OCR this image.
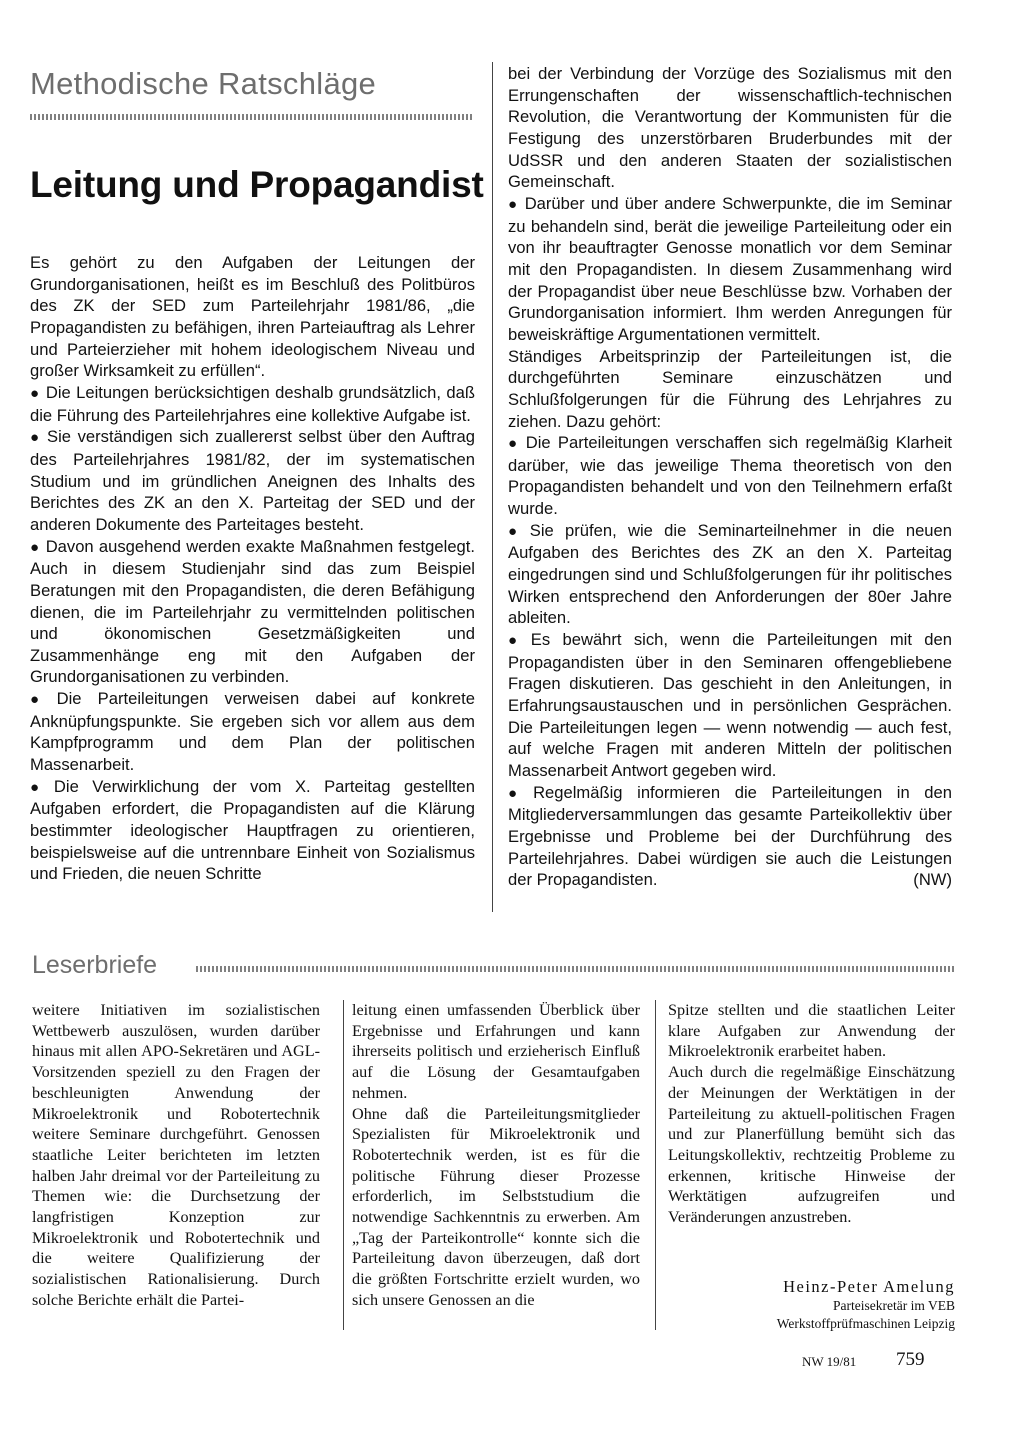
Methodische Ratschläge
Leitung und Propagandist

Es gehört zu den Aufgaben der Leitungen der Grundorganisationen, heißt es im Beschluß des Politbüros des ZK der SED zum Parteilehrjahr 1981/86, „die Propagandisten zu befähigen, ihren Parteiauftrag als Lehrer und Parteierzieher mit hohem ideologischem Niveau und großer Wirksamkeit zu erfüllen“.

● Die Leitungen berücksichtigen deshalb grundsätzlich, daß die Führung des Parteilehrjahres eine kollektive Aufgabe ist.

● Sie verständigen sich zuallererst selbst über den Auftrag des Parteilehrjahres 1981/82, der im systematischen Studium und im gründlichen Aneignen des Inhalts des Berichtes des ZK an den X. Parteitag der SED und der anderen Dokumente des Parteitages besteht.

● Davon ausgehend werden exakte Maßnahmen festgelegt. Auch in diesem Studienjahr sind das zum Beispiel Beratungen mit den Propagandisten, die deren Befähigung dienen, die im Parteilehrjahr zu vermittelnden politischen und ökonomischen Gesetzmäßigkeiten und Zusammenhänge eng mit den Aufgaben der Grundorganisationen zu verbinden.

● Die Parteileitungen verweisen dabei auf konkrete Anknüpfungspunkte. Sie ergeben sich vor allem aus dem Kampfprogramm und dem Plan der politischen Massenarbeit.

● Die Verwirklichung der vom X. Parteitag gestellten Aufgaben erfordert, die Propagandisten auf die Klärung bestimmter ideologischer Hauptfragen zu orientieren, beispielsweise auf die untrennbare Einheit von Sozialismus und Frieden, die neuen Schritte

bei der Verbindung der Vorzüge des Sozialismus mit den Errungenschaften der wissenschaftlich-technischen Revolution, die Verantwortung der Kommunisten für die Festigung des unzerstörbaren Bruderbundes mit der UdSSR und den anderen Staaten der sozialistischen Gemeinschaft.

● Darüber und über andere Schwerpunkte, die im Seminar zu behandeln sind, berät die jeweilige Parteileitung oder ein von ihr beauftragter Genosse monatlich vor dem Seminar mit den Propagandisten. In diesem Zusammenhang wird der Propagandist über neue Beschlüsse bzw. Vorhaben der Grundorganisation informiert. Ihm werden Anregungen für beweiskräftige Argumentationen vermittelt.

Ständiges Arbeitsprinzip der Parteileitungen ist, die durchgeführten Seminare einzuschätzen und Schlußfolgerungen für die Führung des Lehrjahres zu ziehen. Dazu gehört:

● Die Parteileitungen verschaffen sich regelmäßig Klarheit darüber, wie das jeweilige Thema theoretisch von den Propagandisten behandelt und von den Teilnehmern erfaßt wurde.

● Sie prüfen, wie die Seminarteilnehmer in die neuen Aufgaben des Berichtes des ZK an den X. Parteitag eingedrungen sind und Schlußfolgerungen für ihr politisches Wirken entsprechend den Anforderungen der 80er Jahre ableiten.

● Es bewährt sich, wenn die Parteileitungen mit den Propagandisten über in den Seminaren offengebliebene Fragen diskutieren. Das geschieht in den Anleitungen, in Erfahrungsaustauschen und in persönlichen Gesprächen. Die Parteileitungen legen — wenn notwendig — auch fest, auf welche Fragen mit anderen Mitteln der politischen Massenarbeit Antwort gegeben wird.

● Regelmäßig informieren die Parteileitungen in den Mitgliederversammlungen das gesamte Parteikollektiv über Ergebnisse und Probleme bei der Durchführung des Parteilehrjahres. Dabei würdigen sie auch die Leistungen der Propagandisten.	(NW)

Leserbriefe

weitere Initiativen im sozialistischen Wettbewerb auszulösen, wurden darüber hinaus mit allen APO-Sekretären und AGL-Vorsitzenden speziell zu den Fragen der beschleunigten Anwendung der Mikroelektronik und Robotertechnik weitere Seminare durchgeführt. Genossen staatliche Leiter berichteten im letzten halben Jahr dreimal vor der Parteileitung zu Themen wie: die Durchsetzung der langfristigen Konzeption zur Mikroelektronik und Robotertechnik und die weitere Qualifizierung der sozialistischen Rationalisierung. Durch solche Berichte erhält die Partei-

leitung einen umfassenden Überblick über Ergebnisse und Erfahrungen und kann ihrerseits politisch und erzieherisch Einfluß auf die Lösung der Gesamtaufgaben nehmen.

Ohne daß die Parteileitungsmitglieder Spezialisten für Mikroelektronik und Robotertechnik werden, ist es für die politische Führung dieser Prozesse erforderlich, im Selbststudium die notwendige Sachkenntnis zu erwerben. Am „Tag der Parteikontrolle“ konnte sich die Parteileitung davon überzeugen, daß dort die größten Fortschritte erzielt wurden, wo sich unsere Genossen an die

Spitze stellten und die staatlichen Leiter klare Aufgaben zur Anwendung der Mikroelektronik erarbeitet haben.

Auch durch die regelmäßige Einschätzung der Meinungen der Werktätigen in der Parteileitung zu aktuell-politischen Fragen und zur Planerfüllung bemüht sich das Leitungskollektiv, rechtzeitig Probleme zu erkennen, kritische Hinweise der Werktätigen aufzugreifen und Veränderungen anzustreben.

Heinz-Peter Amelung
Parteisekretär im VEB
Werkstoffprüfmaschinen Leipzig
NW 19/81 759
